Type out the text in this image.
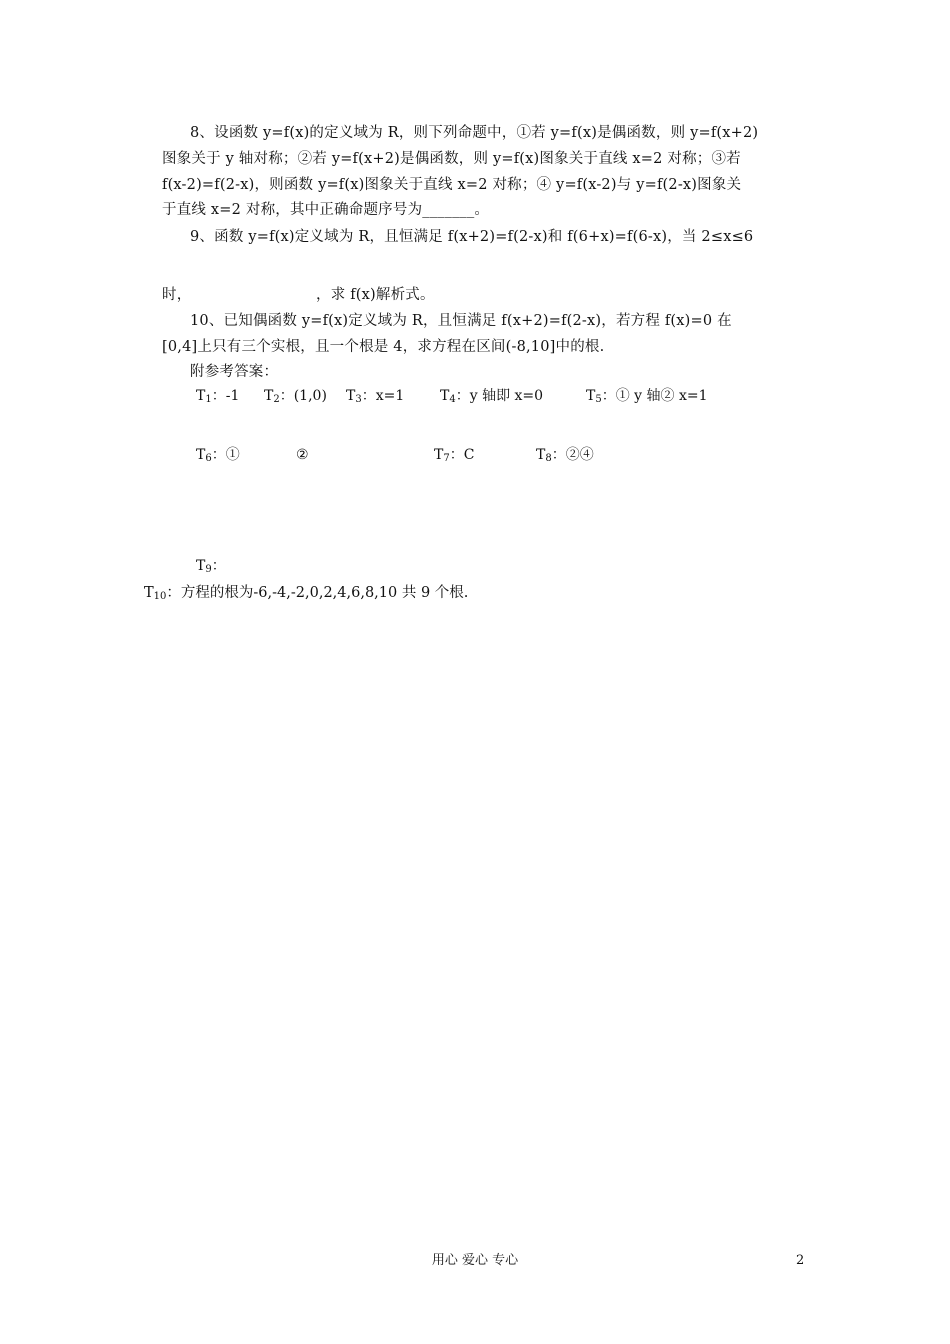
8、设函数 y=f(x)的定义域为 R，则下列命题中，①若 y=f(x)是偶函数，则 y=f(x+2)
图象关于 y 轴对称；②若 y=f(x+2)是偶函数，则 y=f(x)图象关于直线 x=2 对称；③若
f(x-2)=f(2-x)，则函数 y=f(x)图象关于直线 x=2 对称；④ y=f(x-2)与 y=f(2-x)图象关
于直线 x=2 对称，其中正确命题序号为_______。
9、函数 y=f(x)定义域为 R，且恒满足 f(x+2)=f(2-x)和 f(6+x)=f(6-x)，当 2≤x≤6
时，	，求 f(x)解析式。
10、已知偶函数 y=f(x)定义域为 R，且恒满足 f(x+2)=f(2-x)，若方程 f(x)=0 在
[0,4]上只有三个实根，且一个根是 4，求方程在区间(-8,10]中的根.
附参考答案：
$T_1$：-1 $T_2$：(1,0) $T_3$：x=1	$T_4$：y 轴即 x=0	$T_5$：① y 轴② x=1
$T_6$：①	②	$T_7$：C	$T_8$：②④
$T_9$：
$T_{10}$：方程的根为-6,-4,-2,0,2,4,6,8,10 共 9 个根.
用心 爱心 专心	2
